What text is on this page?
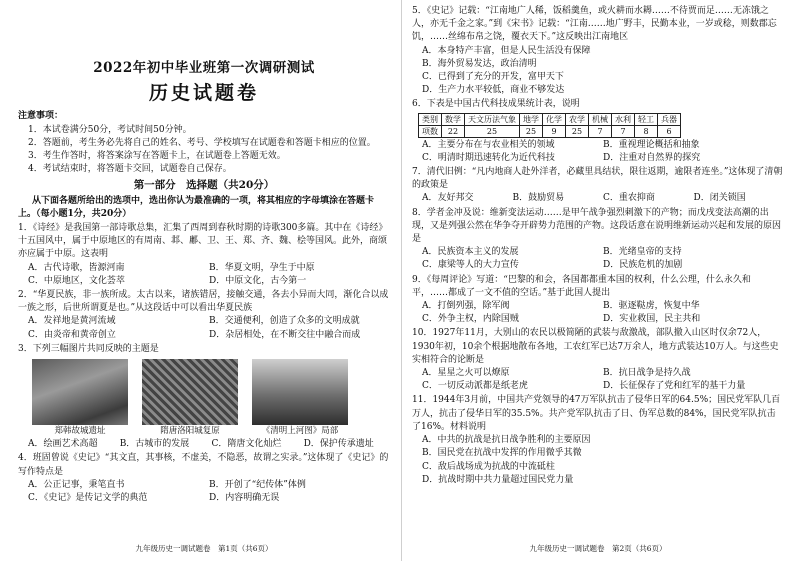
2022年初中毕业班第一次调研测试
历史试题卷
注意事项：
1．本试卷满分50分，考试时间50分钟。
2．答题前，考生务必先将自己的姓名、考号、学校填写在试题卷和答题卡相应的位置。
3．考生作答时，将答案涂写在答题卡上，在试题卷上答题无效。
4．考试结束时，将答题卡交回，试题卷自己保存。
第一部分　选择题（共20分）
从下面各题所给出的选项中，选出你认为最准确的一项，将其相应的字母填涂在答题卡上。（每小题1分，共20分）
1．《诗经》是我国第一部诗歌总集，汇集了西周到春秋时期的诗歌300多篇。其中在《诗经》十五国风中，属于中原地区的有周南、邶、鄘、卫、王、郑、齐、魏、桧等国风。此外，商颂亦应属于中原。这表明
A．古代诗歌，皆源河南	B．华夏文明，孕生于中原
C．中原地区，文化荟萃	D．中原文化，古今第一
2．“华夏民族，非一族所成。太古以来，诸族错居，接触交通，各去小异而大同，渐化合以成一族之形，后世所谓夏是也。”从这段话中可以看出华夏民族
A．发祥地是黄河流域	B．交通便利，创造了众多的文明成就
C．由炎帝和黄帝创立	D．杂居相处，在不断交往中融合而成
3．下列三幅图片共同反映的主题是
郑韩故城遗址	隋唐洛阳城复原	《清明上河图》局部
A．绘画艺术高超	B．古城市的发展	C．隋唐文化灿烂	D．保护传承遗址
4．班固曾说《史记》“其文直，其事核，不虚美，不隐恶，故谓之实录。”这体现了《史记》的写作特点是
A．公正记事，秉笔直书	B．开创了“纪传体”体例
C．《史记》是传记文学的典范	D．内容明确无误
九年级历史一调试题卷　第1页（共6页）
5．《史记》记载：“江南地广人稀，饭稻羹鱼，或火耕而水耨……不待贾而足……无冻饿之人，亦无千金之家。”到《宋书》记载：“江南……地广野丰，民勤本业，一岁或稔，则数郡忘饥，……丝绵布帛之饶，覆衣天下。”这反映出江南地区
A．本身特产丰富，但是人民生活没有保障
B．海外贸易发达，政治清明
C．已得到了充分的开发，富甲天下
D．生产力水平较低，商业不够发达
6．下表是中国古代科技成果统计表，说明
类别	数学	天文历法气象	地学	化学	农学	机械	水利	轻工	兵器
项数	22	25	25	9	25	7	7	8	6
A．主要分布在与农业相关的领域	B．重视理论概括和抽象
C．明清时期迅速转化为近代科技	D．注重对自然界的探究
7．清代旧例：“凡内地商人赴外洋者，必藏里具结状，限往返期，逾限者连坐。”这体现了清朝的政策是
A．友好邦交	B．鼓励贸易	C．重农抑商	D．闭关锁国
8．学者金冲及说：维新变法运动……是甲午战争强烈刺激下的产物；而戊戌变法高潮的出现，又是列强公然在华争夺开辟势力范围的产物。这段话意在说明维新运动兴起和发展的原因是
A．民族资本主义的发展	B．光绪皇帝的支持
C．康梁等人的大力宣传	D．民族危机的加剧
9．《每周评论》写道：“巴黎的和会，各国都都重本国的权利，什么公理，什么永久和平，……都成了一文不值的空话。”基于此国人提出
A．打倒列强，除军阀	B．驱逐鞑虏，恢复中华
C．外争主权，内除国贼	D．实业救国，民主共和
10．1927年11月，大别山的农民以极简陋的武装与敌激战，部队撤入山区时仅余72人，1930年初，10余个根据地散布各地，工农红军已达7万余人，地方武装达10万人。与这些史实相符合的论断是
A．星星之火可以燎原	B．抗日战争是持久战
C．一切反动派都是纸老虎	D．长征保存了党和红军的基干力量
11．1944年3月前，中国共产党领导的47万军队抗击了侵华日军的64.5%；国民党军队几百万人，抗击了侵华日军的35.5%。共产党军队抗击了日、伪军总数的84%，国民党军队抗击了16%。材料说明
A．中共的抗战是抗日战争胜利的主要原因
B．国民党在抗战中发挥的作用微乎其微
C．敌后战场成为抗战的中流砥柱
D．抗战时期中共力量超过国民党力量
九年级历史一调试题卷　第2页（共6页）
